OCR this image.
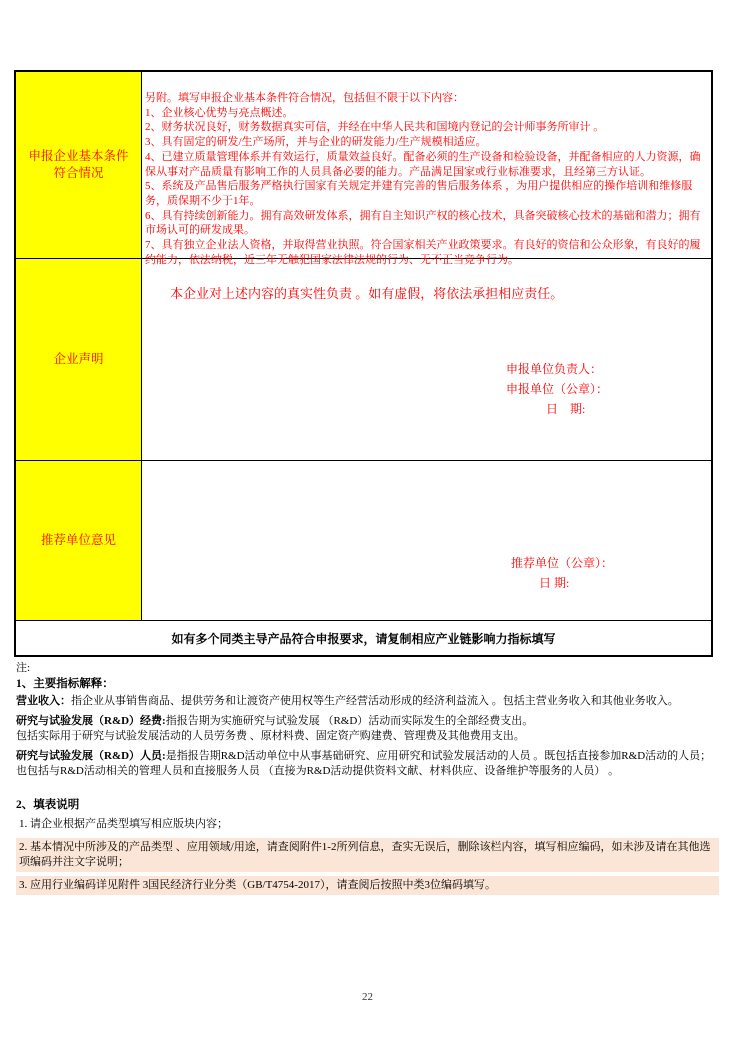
申报企业基本条件符合情况
另附。填写申报企业基本条件符合情况，包括但不限于以下内容：
1、企业核心优势与亮点概述。
2、财务状况良好，财务数据真实可信，并经在中华人民共和国境内登记的会计师事务所审计 。
3、具有固定的研发/生产场所，并与企业的研发能力/生产规模相适应。
4、已建立质量管理体系并有效运行，质量效益良好。配备必须的生产设备和检验设备，并配备相应的人力资源，确保从事对产品质量有影响工作的人员具备必要的能力。产品满足国家或行业标准要求，且经第三方认证。
5、系统及产品售后服务严格执行国家有关规定并建有完善的售后服务体系 ，为用户提供相应的操作培训和维修服务，质保期不少于1年。
6、具有持续创新能力。拥有高效研发体系，拥有自主知识产权的核心技术，具备突破核心技术的基础和潜力；拥有市场认可的研发成果。
7、具有独立企业法人资格，并取得营业执照。符合国家相关产业政策要求。有良好的资信和公众形象，有良好的履约能力，依法纳税，近三年无触犯国家法律法规的行为、无不正当竞争行为。
企业声明
本企业对上述内容的真实性负责 。如有虚假，将依法承担相应责任。
申报单位负责人：
申报单位（公章）：
日　期:
推荐单位意见
推荐单位（公章）：
日 期:
如有多个同类主导产品符合申报要求，请复制相应产业链影响力指标填写
注:
1、主要指标解释：
营业收入：指企业从事销售商品、提供劳务和让渡资产使用权等生产经营活动形成的经济利益流入 。包括主营业务收入和其他业务收入。
研究与试验发展（R&D）经费:指报告期为实施研究与试验发展 （R&D）活动而实际发生的全部经费支出。
包括实际用于研究与试验发展活动的人员劳务费 、原材料费、固定资产购建费、管理费及其他费用支出。
研究与试验发展（R&D）人员:是指报告期R&D活动单位中从事基础研究、应用研究和试验发展活动的人员 。既包括直接参加R&D活动的人员；也包括与R&D活动相关的管理人员和直接服务人员 （直接为R&D活动提供资料文献、材料供应、设备维护等服务的人员） 。
2、填表说明
1. 请企业根据产品类型填写相应版块内容；
2. 基本情况中所涉及的产品类型 、应用领域/用途，请查阅附件1-2所列信息，查实无误后，删除该栏内容，填写相应编码，如未涉及请在其他选项编码并注文字说明；
3. 应用行业编码详见附件 3国民经济行业分类（GB/T4754-2017），请查阅后按照中类3位编码填写。
22
